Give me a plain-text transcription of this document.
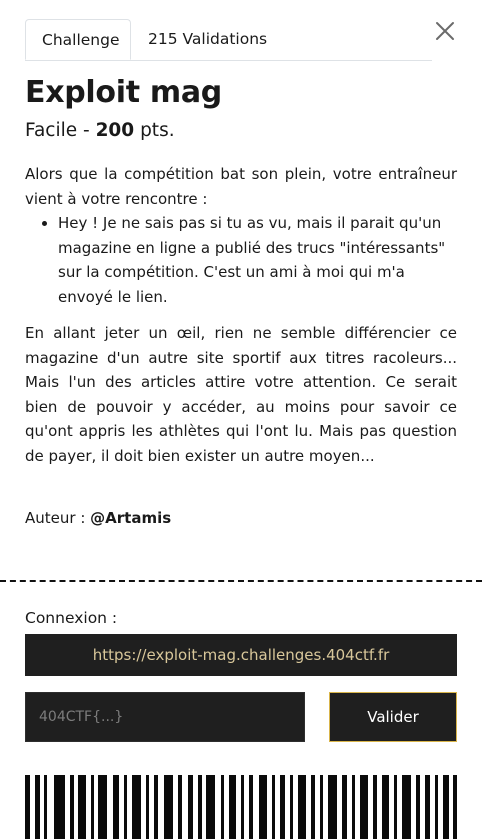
Challenge	215 Validations
Exploit mag
Facile - 200 pts.

Alors que la compétition bat son plein, votre entraîneur vient à votre rencontre :

• Hey ! Je ne sais pas si tu as vu, mais il parait qu'un magazine en ligne a publié des trucs "intéressants" sur la compétition. C'est un ami à moi qui m'a envoyé le lien.

En allant jeter un œil, rien ne semble différencier ce magazine d'un autre site sportif aux titres racoleurs... Mais l'un des articles attire votre attention. Ce serait bien de pouvoir y accéder, au moins pour savoir ce qu'ont appris les athlètes qui l'ont lu. Mais pas question de payer, il doit bien exister un autre moyen...

Auteur : @Artamis
Connexion :
https://exploit-mag.challenges.404ctf.fr
404CTF{...}
Valider
